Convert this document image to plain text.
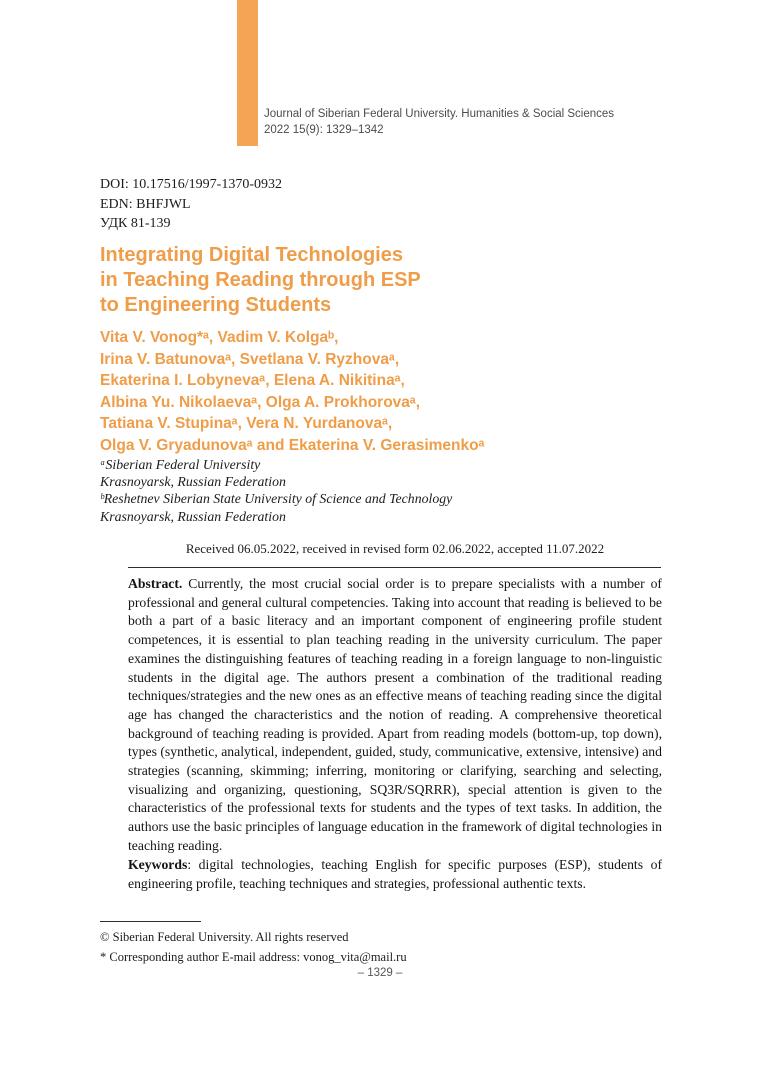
Journal of Siberian Federal University. Humanities & Social Sciences
2022 15(9): 1329–1342
DOI: 10.17516/1997-1370-0932
EDN: BHFJWL
УДК 81-139
Integrating Digital Technologies
in Teaching Reading through ESP
to Engineering Students
Vita V. Vonog*ᵃ, Vadim V. Kolgaᵇ,
Irina V. Batunovaᵃ, Svetlana V. Ryzhovaᵃ,
Ekaterina I. Lobynevaᵃ, Elena A. Nikitinaᵃ,
Albina Yu. Nikolaevaᵃ, Olga A. Prokhorovaᵃ,
Tatiana V. Stupinaᵃ, Vera N. Yurdanovaᵃ,
Olga V. Gryadunovaᵃ and Ekaterina V. Gerasimenkoᵃ
ᵃSiberian Federal University
Krasnoyarsk, Russian Federation
ᵇReshetnev Siberian State University of Science and Technology
Krasnoyarsk, Russian Federation
Received 06.05.2022, received in revised form 02.06.2022, accepted 11.07.2022

Abstract. Currently, the most crucial social order is to prepare specialists with a number of professional and general cultural competencies. Taking into account that reading is believed to be both a part of a basic literacy and an important component of engineering profile student competences, it is essential to plan teaching reading in the university curriculum. The paper examines the distinguishing features of teaching reading in a foreign language to non-linguistic students in the digital age. The authors present a combination of the traditional reading techniques/strategies and the new ones as an effective means of teaching reading since the digital age has changed the characteristics and the notion of reading. A comprehensive theoretical background of teaching reading is provided. Apart from reading models (bottom-up, top down), types (synthetic, analytical, independent, guided, study, communicative, extensive, intensive) and strategies (scanning, skimming; inferring, monitoring or clarifying, searching and selecting, visualizing and organizing, questioning, SQ3R/SQRRR), special attention is given to the characteristics of the professional texts for students and the types of text tasks. In addition, the authors use the basic principles of language education in the framework of digital technologies in teaching reading.

Keywords: digital technologies, teaching English for specific purposes (ESP), students of engineering profile, teaching techniques and strategies, professional authentic texts.

© Siberian Federal University. All rights reserved
* Corresponding author E-mail address: vonog_vita@mail.ru
– 1329 –
